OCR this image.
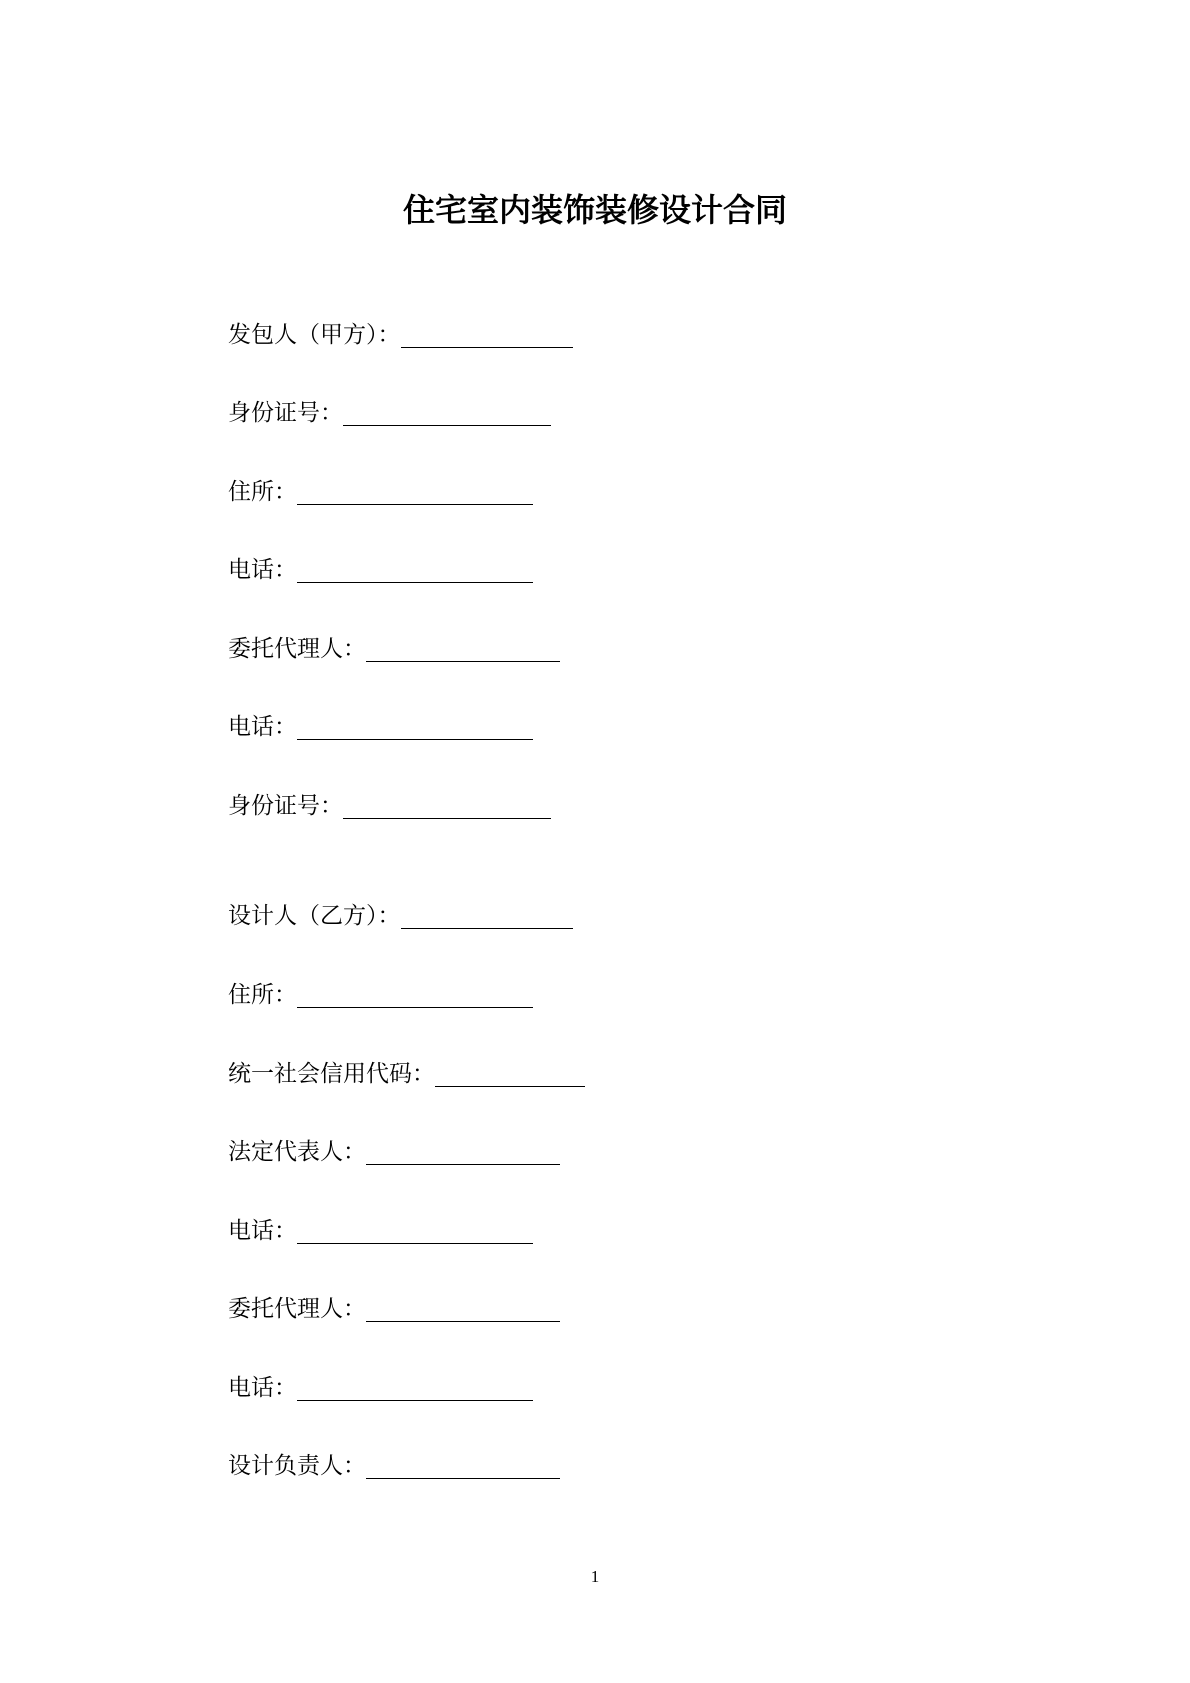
住宅室内装饰装修设计合同
发包人（甲方）：
身份证号：
住所：
电话：
委托代理人：
电话：
身份证号：
设计人（乙方）：
住所：
统一社会信用代码：
法定代表人：
电话：
委托代理人：
电话：
设计负责人：
1
